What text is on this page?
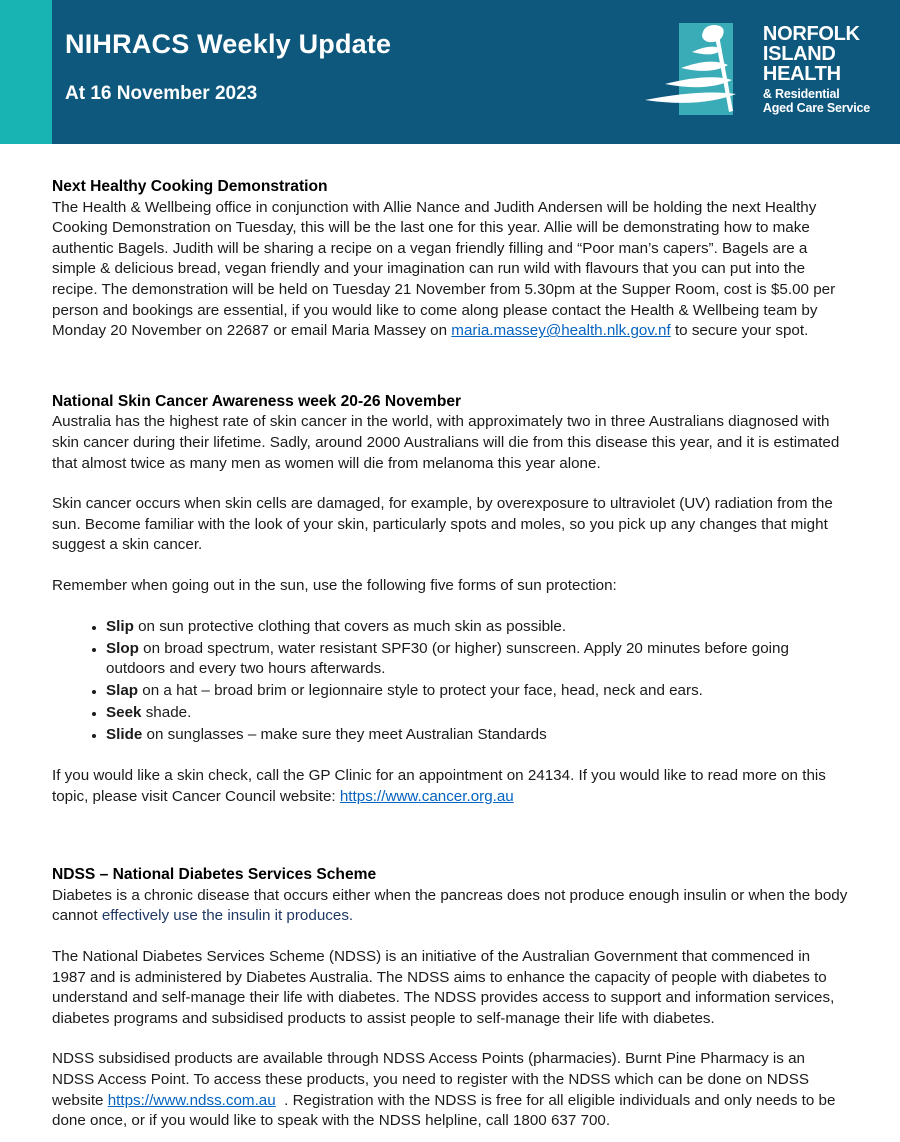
NIHRACS Weekly Update
At 16 November 2023
NORFOLK
ISLAND
HEALTH
& Residential
Aged Care Service
Next Healthy Cooking Demonstration

The Health & Wellbeing office in conjunction with Allie Nance and Judith Andersen will be holding the next Healthy Cooking Demonstration on Tuesday, this will be the last one for this year. Allie will be demonstrating how to make authentic Bagels. Judith will be sharing a recipe on a vegan friendly filling and “Poor man’s capers”. Bagels are a simple & delicious bread, vegan friendly and your imagination can run wild with flavours that you can put into the recipe. The demonstration will be held on Tuesday 21 November from 5.30pm at the Supper Room, cost is $5.00 per person and bookings are essential, if you would like to come along please contact the Health & Wellbeing team by Monday 20 November on 22687 or email Maria Massey on maria.massey@health.nlk.gov.nf to secure your spot.

National Skin Cancer Awareness week 20-26 November

Australia has the highest rate of skin cancer in the world, with approximately two in three Australians diagnosed with skin cancer during their lifetime. Sadly, around 2000 Australians will die from this disease this year, and it is estimated that almost twice as many men as women will die from melanoma this year alone.

Skin cancer occurs when skin cells are damaged, for example, by overexposure to ultraviolet (UV) radiation from the sun. Become familiar with the look of your skin, particularly spots and moles, so you pick up any changes that might suggest a skin cancer.

Remember when going out in the sun, use the following five forms of sun protection:

• Slip on sun protective clothing that covers as much skin as possible.
• Slop on broad spectrum, water resistant SPF30 (or higher) sunscreen. Apply 20 minutes before going outdoors and every two hours afterwards.
• Slap on a hat – broad brim or legionnaire style to protect your face, head, neck and ears.
• Seek shade.
• Slide on sunglasses – make sure they meet Australian Standards

If you would like a skin check, call the GP Clinic for an appointment on 24134. If you would like to read more on this topic, please visit Cancer Council website: https://www.cancer.org.au

NDSS – National Diabetes Services Scheme

Diabetes is a chronic disease that occurs either when the pancreas does not produce enough insulin or when the body cannot effectively use the insulin it produces.

The National Diabetes Services Scheme (NDSS) is an initiative of the Australian Government that commenced in 1987 and is administered by Diabetes Australia. The NDSS aims to enhance the capacity of people with diabetes to understand and self-manage their life with diabetes. The NDSS provides access to support and information services, diabetes programs and subsidised products to assist people to self-manage their life with diabetes.

NDSS subsidised products are available through NDSS Access Points (pharmacies). Burnt Pine Pharmacy is an NDSS Access Point. To access these products, you need to register with the NDSS which can be done on NDSS website https://www.ndss.com.au  . Registration with the NDSS is free for all eligible individuals and only needs to be done once, or if you would like to speak with the NDSS helpline, call 1800 637 700.
